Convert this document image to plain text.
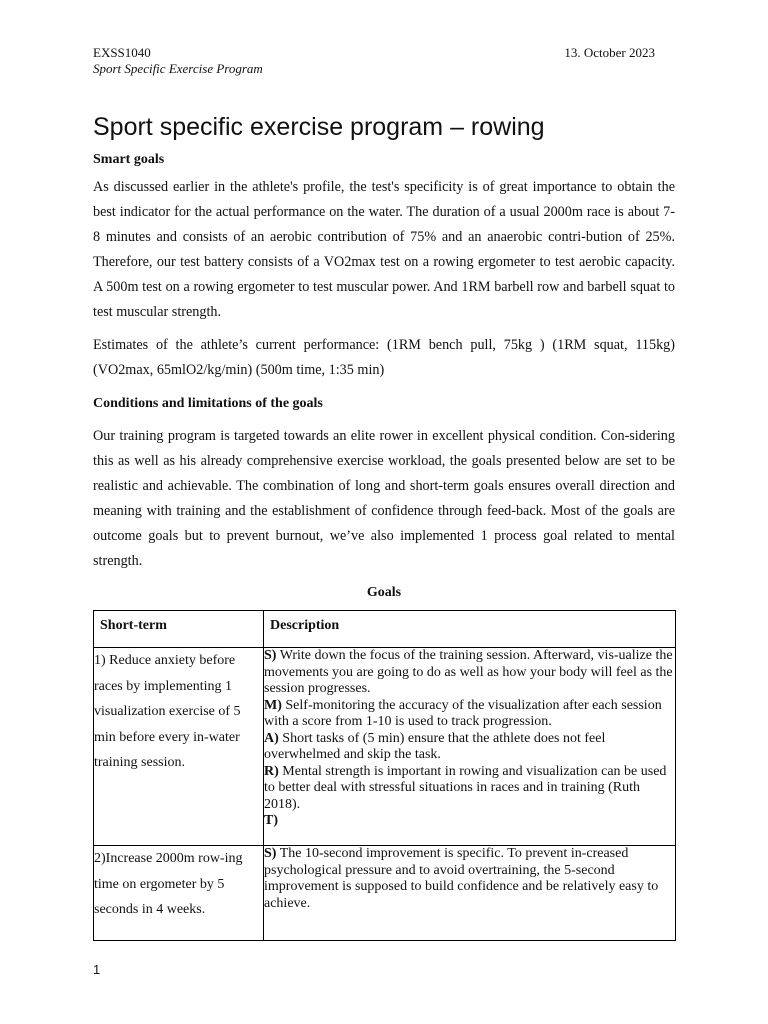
EXSS1040	13. October 2023
Sport Specific Exercise Program
Sport specific exercise program – rowing
Smart goals
As discussed earlier in the athlete's profile, the test's specificity is of great importance to obtain the best indicator for the actual performance on the water. The duration of a usual 2000m race is about 7-8 minutes and consists of an aerobic contribution of 75% and an anaerobic contri-bution of 25%. Therefore, our test battery consists of a VO2max test on a rowing ergometer to test aerobic capacity. A 500m test on a rowing ergometer to test muscular power. And 1RM barbell row and barbell squat to test muscular strength.
Estimates of the athlete’s current performance: (1RM bench pull, 75kg ) (1RM squat, 115kg) (VO2max, 65mlO2/kg/min) (500m time, 1:35 min)
Conditions and limitations of the goals
Our training program is targeted towards an elite rower in excellent physical condition. Con-sidering this as well as his already comprehensive exercise workload, the goals presented below are set to be realistic and achievable. The combination of long and short-term goals ensures overall direction and meaning with training and the establishment of confidence through feed-back. Most of the goals are outcome goals but to prevent burnout, we’ve also implemented 1 process goal related to mental strength.
Goals
Short-term	Description
1) Reduce anxiety before races by implementing 1 visualization exercise of 5 min before every in-water training session.	S) Write down the focus of the training session. Afterward, vis-ualize the movements you are going to do as well as how your body will feel as the session progresses.
M) Self-monitoring the accuracy of the visualization after each session with a score from 1-10 is used to track progression.
A) Short tasks of (5 min) ensure that the athlete does not feel overwhelmed and skip the task.
R) Mental strength is important in rowing and visualization can be used to better deal with stressful situations in races and in training (Ruth 2018).
T)
2)Increase 2000m row-ing time on ergometer by 5 seconds in 4 weeks.	S) The 10-second improvement is specific. To prevent in-creased psychological pressure and to avoid overtraining, the 5-second improvement is supposed to build confidence and be relatively easy to achieve.
1
